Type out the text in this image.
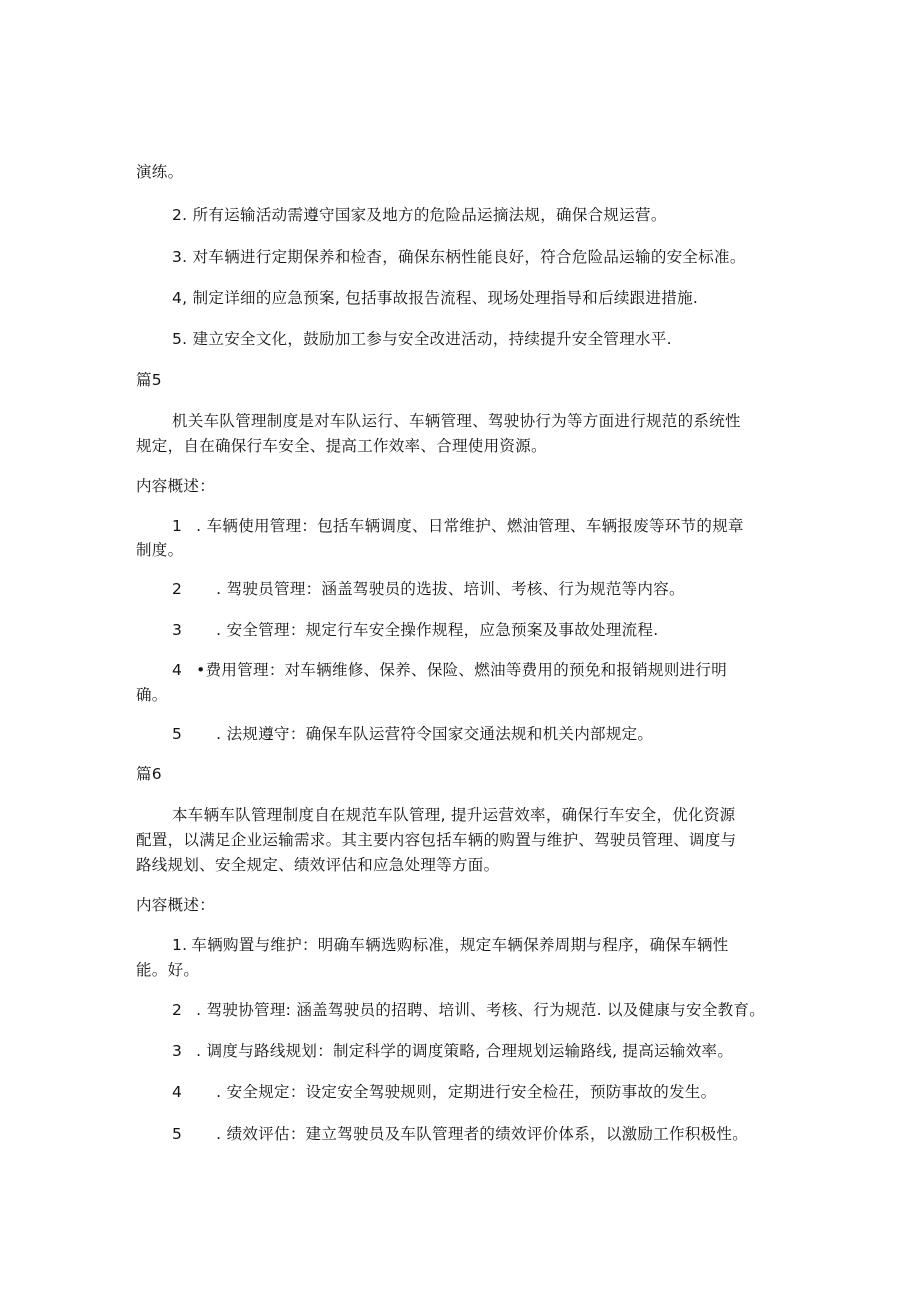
演练。
2. 所有运输活动需遵守国家及地方的危险品运摘法规，确保合规运营。
3. 对车辆进行定期保养和检杳，确保东柄性能良好，符合危险品运输的安全标准。
4, 制定详细的应急预案, 包括事故报告流程、现场处理指导和后续跟进措施.
5. 建立安全文化，鼓励加工参与安全改进活动，持续提升安全管理水平.
篇5
机关车队管理制度是对车队运行、车辆管理、驾驶协行为等方面进行规范的系统性
规定，自在确保行车安全、提高工作效率、合理使用资源。
内容概述：
1 . 车辆使用管理：包括车辆调度、日常维护、燃油管理、车辆报废等环节的规章
制度。
2 . 驾驶员管理：涵盖驾驶员的选拔、培训、考核、行为规范等内容。
3 . 安全管理：规定行车安全操作规程，应急预案及事故处理流程.
4 •费用管理：对车辆维修、保养、保险、燃油等费用的预免和报销规则进行明
确。
5 . 法规遵守：确保车队运营符令国家交通法规和机关内部规定。
篇6
本车辆车队管理制度自在规范车队管理, 提升运营效率，确保行车安全，优化资源
配置，以满足企业运输需求。其主要内容包括车辆的购置与维护、驾驶员管理、调度与
路线规划、安全规定、绩效评估和应急处理等方面。
内容概述：
1. 车辆购置与维护：明确车辆选购标准，规定车辆保养周期与程序，确保车辆性
能。好。
2 . 驾驶协管理: 涵盖驾驶员的招聘、培训、考核、行为规范. 以及健康与安全教育。
3 . 调度与路线规划：制定科学的调度策略, 合理规划运输路线, 提高运输效率。
4 . 安全规定：设定安全驾驶规则，定期进行安全检茌，预防事故的发生。
5 . 绩效评估：建立驾驶员及车队管理者的绩效评价体系，以激励工作积极性。
